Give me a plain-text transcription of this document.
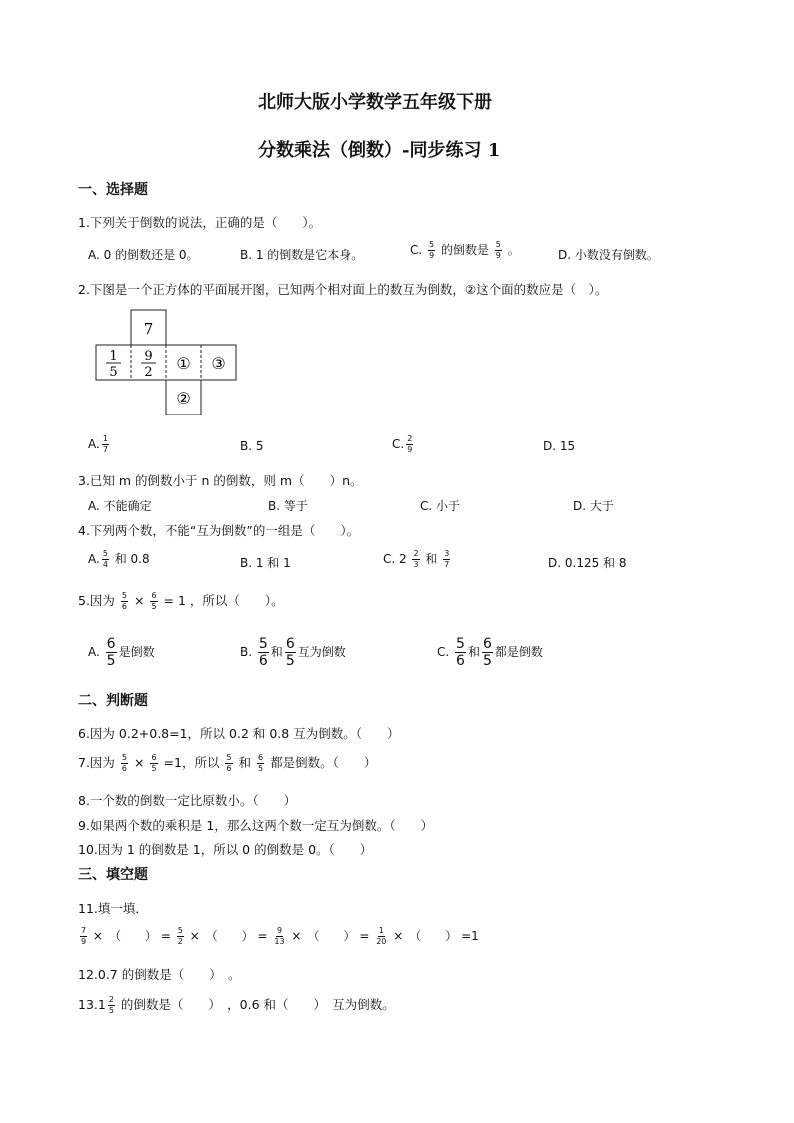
北师大版小学数学五年级下册
分数乘法（倒数）-同步练习 1
一、选择题
1.下列关于倒数的说法，正确的是（　　）。
A. 0 的倒数还是 0。	B. 1 的倒数是它本身。	C. $\frac{5}{9}$ 的倒数是 $\frac{5}{9}$ 。	D. 小数没有倒数。
2.下图是一个正方体的平面展开图，已知两个相对面上的数互为倒数，②这个面的数应是（　）。
7
1
5
9
2 ① ③
②
A. $\frac{1}{7}$	B. 5	C. $\frac{2}{9}$	D. 15
3.已知 m 的倒数小于 n 的倒数，则 m（　　）n。
A. 不能确定	B. 等于	C. 小于	D. 大于
4.下列两个数，不能“互为倒数”的一组是（　　）。
A. $\frac{5}{4}$ 和 0.8	B. 1 和 1	C. $2 \frac{2}{3}$ 和 $\frac{3}{7}$	D. 0.125 和 8
5.因为 $\frac{5}{6} \times \frac{6}{5} = 1$ ，所以（　　）。
A. $\frac{6}{5}$ 是倒数	B. $\frac{5}{6}$ 和 $\frac{6}{5}$ 互为倒数	C. $\frac{5}{6}$ 和 $\frac{6}{5}$ 都是倒数
二、判断题
6.因为 0.2+0.8=1，所以 0.2 和 0.8 互为倒数。（　　）
7.因为 $\frac{5}{6} \times \frac{6}{5} =1$，所以 $\frac{5}{6}$ 和 $\frac{6}{5}$ 都是倒数。（　　）
8.一个数的倒数一定比原数小。（　　）
9.如果两个数的乘积是 1，那么这两个数一定互为倒数。（　　）
10.因为 1 的倒数是 1，所以 0 的倒数是 0。（　　）
三、填空题
11.填一填．
$\frac{7}{9}$ ×　（　　） = $\frac{5}{2}$ ×　（　　） = $\frac{9}{13}$ ×　（　　） = $\frac{1}{20}$ ×　（　　） =1
12.0.7 的倒数是（　　）　。
$13.1 \frac{2}{5}$ 的倒数是（　　）　，0.6 和（　　）　互为倒数。
